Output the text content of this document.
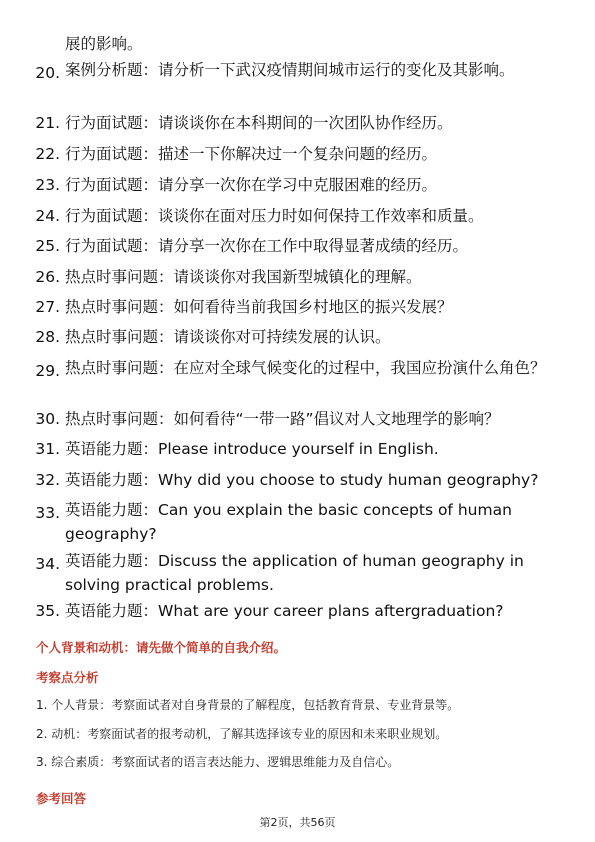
展的影响。
20. 案例分析题：请分析一下武汉疫情期间城市运行的变化及其影响。
21. 行为面试题：请谈谈你在本科期间的一次团队协作经历。
22. 行为面试题：描述一下你解决过一个复杂问题的经历。
23. 行为面试题：请分享一次你在学习中克服困难的经历。
24. 行为面试题：谈谈你在面对压力时如何保持工作效率和质量。
25. 行为面试题：请分享一次你在工作中取得显著成绩的经历。
26. 热点时事问题：请谈谈你对我国新型城镇化的理解。
27. 热点时事问题：如何看待当前我国乡村地区的振兴发展？
28. 热点时事问题：请谈谈你对可持续发展的认识。
29. 热点时事问题：在应对全球气候变化的过程中，我国应扮演什么角色？
30. 热点时事问题：如何看待“一带一路”倡议对人文地理学的影响？
31. 英语能力题：Please introduce yourself in English.
32. 英语能力题：Why did you choose to study human geography?
33. 英语能力题：Can you explain the basic concepts of human geography?
34. 英语能力题：Discuss the application of human geography in solving practical problems.
35. 英语能力题：What are your career plans aftergraduation?
个人背景和动机：请先做个简单的自我介绍。
考察点分析
1. 个人背景：考察面试者对自身背景的了解程度，包括教育背景、专业背景等。
2. 动机：考察面试者的报考动机，了解其选择该专业的原因和未来职业规划。
3. 综合素质：考察面试者的语言表达能力、逻辑思维能力及自信心。
参考回答
第2页，共56页
